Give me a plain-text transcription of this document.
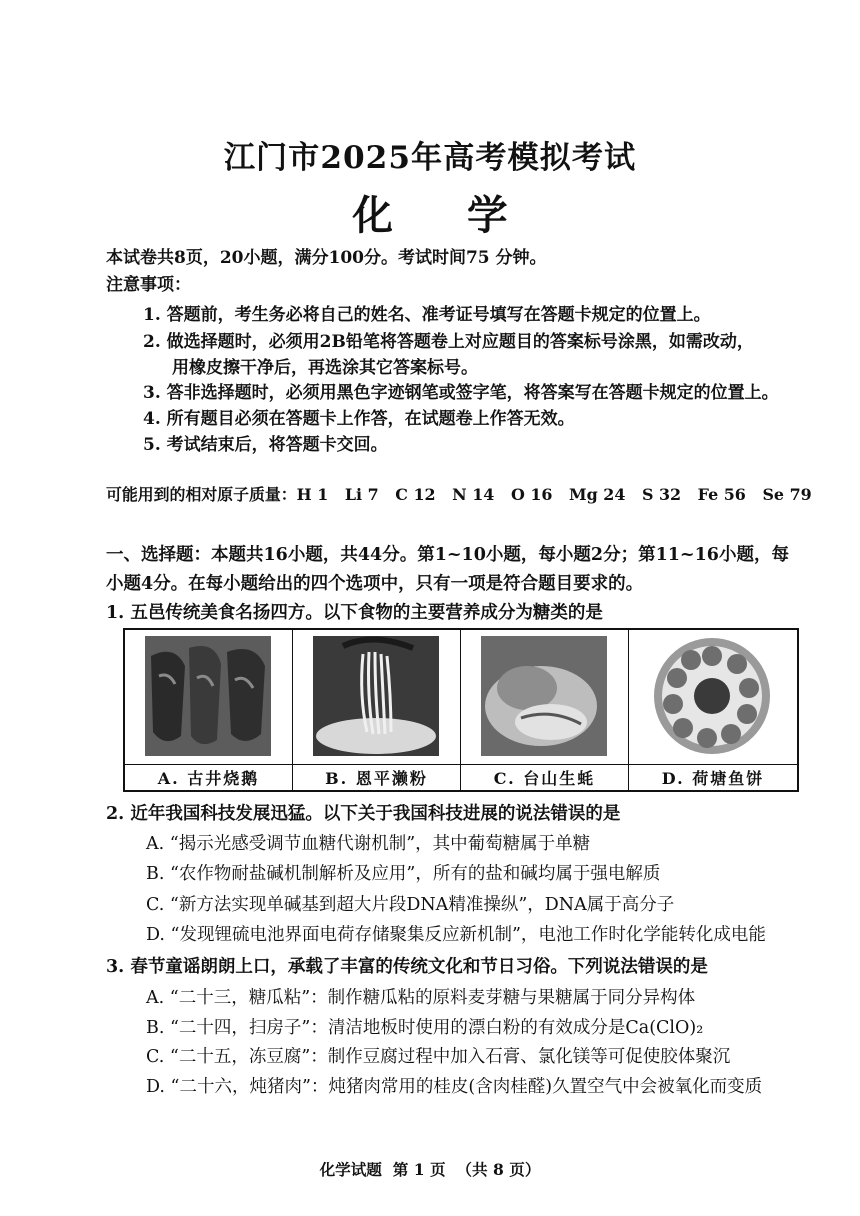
江门市2025年高考模拟考试
化 学
本试卷共8页，20小题，满分100分。考试时间75 分钟。
注意事项：
1. 答题前，考生务必将自己的姓名、准考证号填写在答题卡规定的位置上。
2. 做选择题时，必须用2B铅笔将答题卷上对应题目的答案标号涂黑，如需改动，
用橡皮擦干净后，再选涂其它答案标号。
3. 答非选择题时，必须用黑色字迹钢笔或签字笔，将答案写在答题卡规定的位置上。
4. 所有题目必须在答题卡上作答，在试题卷上作答无效。
5. 考试结束后，将答题卡交回。
可能用到的相对原子质量：H 1   Li 7   C 12   N 14   O 16   Mg 24   S 32   Fe 56   Se 79
一、选择题：本题共16小题，共44分。第1~10小题，每小题2分；第11~16小题，每
小题4分。在每小题给出的四个选项中，只有一项是符合题目要求的。
1. 五邑传统美食名扬四方。以下食物的主要营养成分为糖类的是
A. 古井烧鹅	B. 恩平濑粉	C. 台山生蚝	D. 荷塘鱼饼
2. 近年我国科技发展迅猛。以下关于我国科技进展的说法错误的是
A. “揭示光感受调节血糖代谢机制”，其中葡萄糖属于单糖
B. “农作物耐盐碱机制解析及应用”，所有的盐和碱均属于强电解质
C. “新方法实现单碱基到超大片段DNA精准操纵”，DNA属于高分子
D. “发现锂硫电池界面电荷存储聚集反应新机制”，电池工作时化学能转化成电能
3. 春节童谣朗朗上口，承载了丰富的传统文化和节日习俗。下列说法错误的是
A. “二十三，糖瓜粘”：制作糖瓜粘的原料麦芽糖与果糖属于同分异构体
B. “二十四，扫房子”：清洁地板时使用的漂白粉的有效成分是Ca(ClO)₂
C. “二十五，冻豆腐”：制作豆腐过程中加入石膏、氯化镁等可促使胶体聚沉
D. “二十六，炖猪肉”：炖猪肉常用的桂皮(含肉桂醛)久置空气中会被氧化而变质
化学试题  第 1 页  （共 8 页）
